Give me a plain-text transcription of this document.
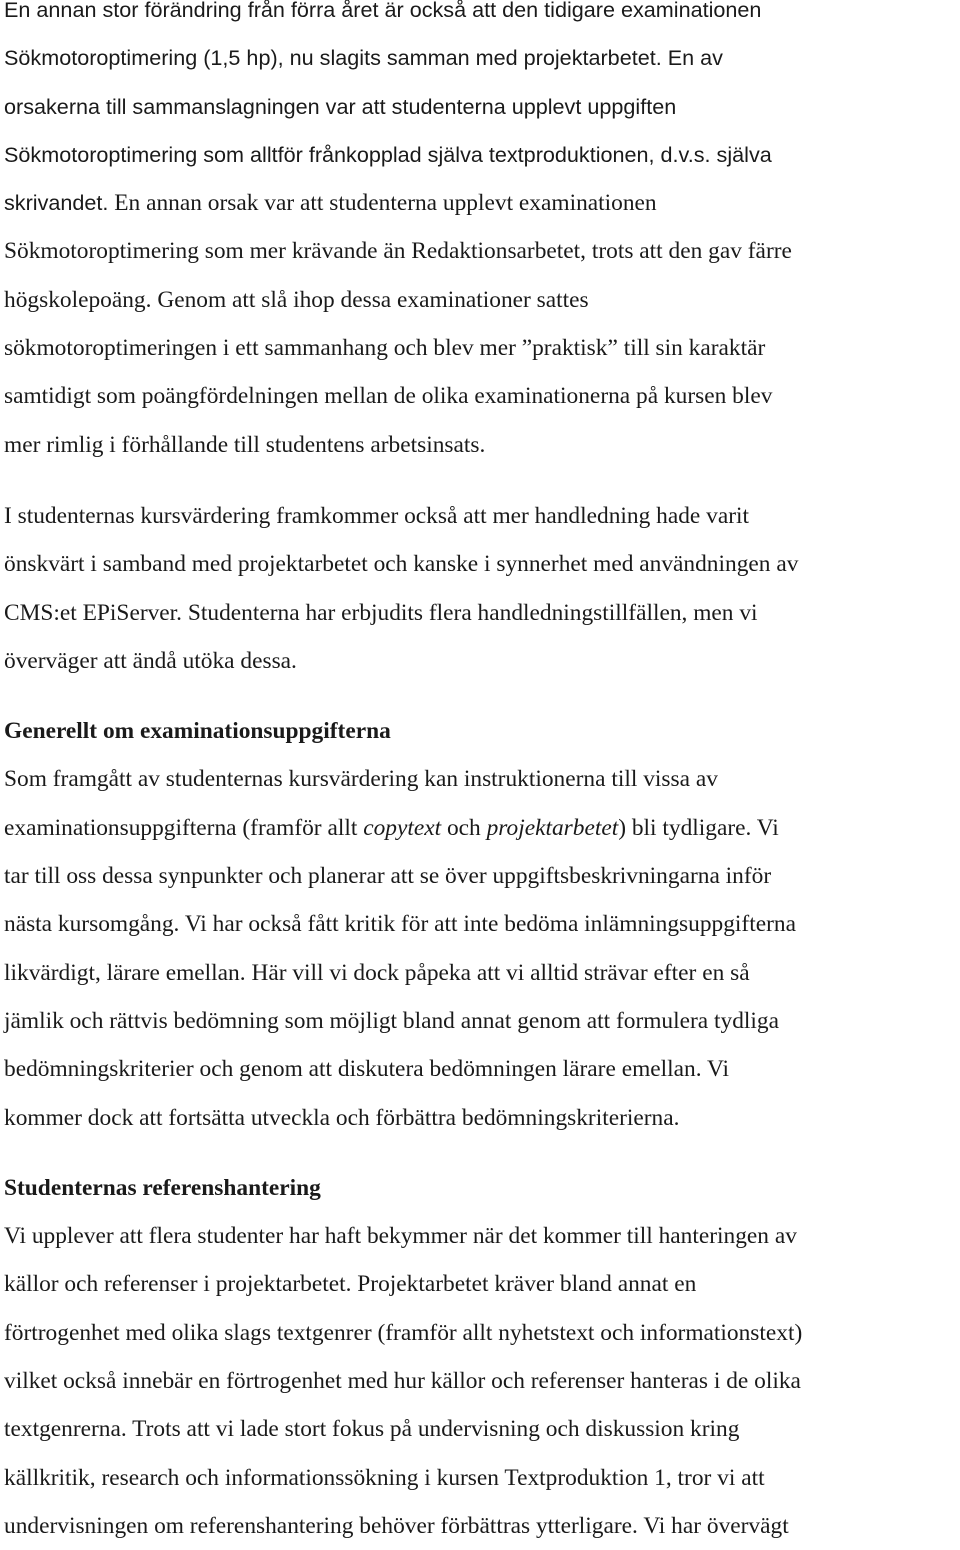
En annan stor förändring från förra året är också att den tidigare examinationen

Sökmotoroptimering (1,5 hp), nu slagits samman med projektarbetet. En av

orsakerna till sammanslagningen var att studenterna upplevt uppgiften

Sökmotoroptimering som alltför frånkopplad själva textproduktionen, d.v.s. själva

skrivandet. En annan orsak var att studenterna upplevt examinationen

Sökmotoroptimering som mer krävande än Redaktionsarbetet, trots att den gav färre

högskolepoäng. Genom att slå ihop dessa examinationer sattes

sökmotoroptimeringen i ett sammanhang och blev mer ”praktisk” till sin karaktär

samtidigt som poängfördelningen mellan de olika examinationerna på kursen blev

mer rimlig i förhållande till studentens arbetsinsats.

I studenternas kursvärdering framkommer också att mer handledning hade varit

önskvärt i samband med projektarbetet och kanske i synnerhet med användningen av

CMS:et EPiServer. Studenterna har erbjudits flera handledningstillfällen, men vi

överväger att ändå utöka dessa.

Generellt om examinationsuppgifterna

Som framgått av studenternas kursvärdering kan instruktionerna till vissa av

examinationsuppgifterna (framför allt copytext och projektarbetet) bli tydligare. Vi

tar till oss dessa synpunkter och planerar att se över uppgiftsbeskrivningarna inför

nästa kursomgång. Vi har också fått kritik för att inte bedöma inlämningsuppgifterna

likvärdigt, lärare emellan. Här vill vi dock påpeka att vi alltid strävar efter en så

jämlik och rättvis bedömning som möjligt bland annat genom att formulera tydliga

bedömningskriterier och genom att diskutera bedömningen lärare emellan. Vi

kommer dock att fortsätta utveckla och förbättra bedömningskriterierna.

Studenternas referenshantering

Vi upplever att flera studenter har haft bekymmer när det kommer till hanteringen av

källor och referenser i projektarbetet. Projektarbetet kräver bland annat en

förtrogenhet med olika slags textgenrer (framför allt nyhetstext och informationstext)

vilket också innebär en förtrogenhet med hur källor och referenser hanteras i de olika

textgenrerna. Trots att vi lade stort fokus på undervisning och diskussion kring

källkritik, research och informationssökning i kursen Textproduktion 1, tror vi att

undervisningen om referenshantering behöver förbättras ytterligare. Vi har övervägt
